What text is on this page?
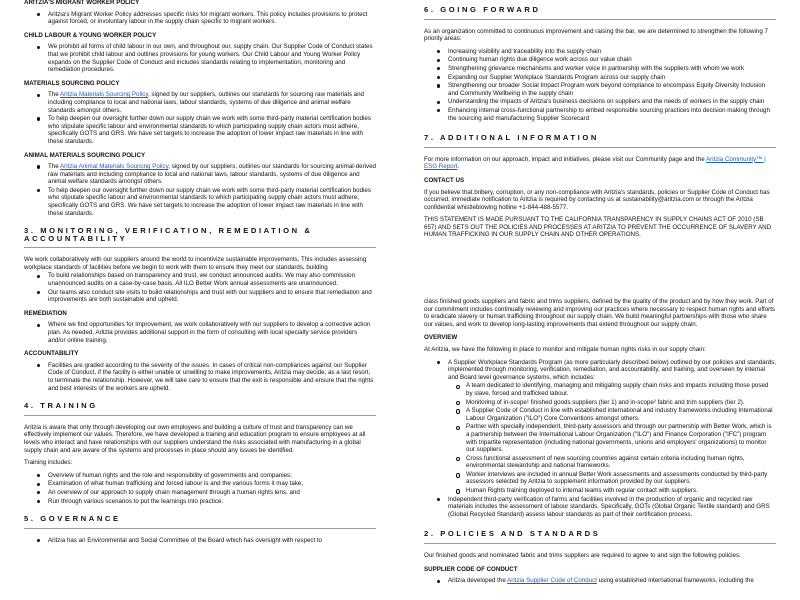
ARITZIA'S MIGRANT WORKER POLICY
Aritzia's Migrant Worker Policy addresses specific risks for migrant workers. This policy includes provisions to protect against forced, or involuntary labour in the supply chain specific to migrant workers.
CHILD LABOUR & YOUNG WORKER POLICY
We prohibit all forms of child labour in our own, and throughout our, supply chain. Our Supplier Code of Conduct states that we prohibit child labour and outlines provisions for young workers. Our Child Labour and Young Worker Policy expands on the Supplier Code of Conduct and includes standards relating to implementation, monitoring and remediation procedures.
MATERIALS SOURCING POLICY
The Aritzia Materials Sourcing Policy, signed by our suppliers, outlines our standards for sourcing raw materials and including compliance to local and national laws, labour standards, systems of due diligence and animal welfare standards amongst others.
To help deepen our oversight further down our supply chain we work with some third-party material certification bodies who stipulate specific labour and environmental standards to which participating supply chain actors must adhere, specifically GOTS and GRS. We have set targets to increase the adoption of lower impact raw materials in line with these standards.
ANIMAL MATERIALS SOURCING POLICY
The Aritzia Animal Materials Sourcing Policy, signed by our suppliers, outlines our standards for sourcing animal-derived raw materials and including compliance to local and national laws, labour standards, systems of due diligence and animal welfare standards amongst others.
To help deepen our oversight further down our supply chain we work with some third-party material certification bodies who stipulate specific labour and environmental standards to which participating supply chain actors must adhere, specifically GOTS and GRS. We have set targets to increase the adoption of lower impact raw materials in line with these standards.
3. MONITORING, VERIFICATION, REMEDIATION & ACCOUNTABILITY

We work collaboratively with our suppliers around the world to incentivize sustainable improvements. This includes assessing workplace standards of facilities before we begin to work with them to ensure they meet our standards, building

To build relationships based on transparency and trust, we conduct announced audits. We may also commission unannounced audits on a case-by-case basis. All ILO Better Work annual assessments are unannounced.
Our teams also conduct site visits to build relationships and trust with our suppliers and to ensure that remediation and improvements are both sustainable and upheld.
REMEDIATION
Where we find opportunities for improvement, we work collaboratively with our suppliers to develop a corrective action plan. As needed, Aritzia provides additional support in the form of consulting with local specialty service providers and/or online training.
ACCOUNTABILITY
Facilities are graded according to the severity of the issues. In cases of critical non-compliances against our Supplier Code of Conduct, if the facility is either unable or unwilling to make improvements, Aritzia may decide, as a last resort, to terminate the relationship. However, we will take care to ensure that the exit is responsible and ensure that the rights and best interests of the workers are upheld.
4. TRAINING

Aritzia is aware that only through developing our own employees and building a culture of trust and transparency can we effectively implement our values. Therefore, we have developed a training and education program to ensure employees at all levels who interact and have relationships with our suppliers understand the risks associated with manufacturing in a global supply chain and are aware of the systems and processes in place should any issues be identified.

Training includes:

Overview of human rights and the role and responsibility of governments and companies;
Examination of what human trafficking and forced labour is and the various forms it may take,
An overview of our approach to supply chain management through a human rights lens, and
Run through various scenarios to put the learnings into practice.
5. GOVERNANCE
Aritzia has an Environmental and Social Committee of the Board which has oversight with respect to
6. GOING FORWARD

As an organization committed to continuous improvement and raising the bar, we are determined to strengthen the following 7 priority areas:

Increasing visibility and traceability into the supply chain
Continuing human rights due diligence work across our value chain
Strengthening grievance mechanisms and worker voice in partnership with the suppliers with whom we work
Expanding our Supplier Workplace Standards Program across our supply chain
Strengthening our broader Social Impact Program work beyond compliance to encompass Equity Diversity Inclusion and Community Wellbeing in the supply chain
Understanding the impacts of Aritzia's business decisions on suppliers and the needs of workers in the supply chain
Enhancing internal cross-functional partnership to embed responsible sourcing practices into decision making through the sourcing and manufacturing Supplier Scorecard
7. ADDITIONAL INFORMATION

For more information on our approach, impact and initiatives, please visit our Community page and the Aritzia Community™ | ESG Report.

CONTACT US

If you believe that bribery, corruption, or any non-compliance with Aritzia's standards, policies or Supplier Code of Conduct has occurred, immediate notification to Aritzia is required by contacting us at sustainability@aritzia.com or through the Aritzia confidential whistleblowing hotline +1-844-488-5577.

THIS STATEMENT IS MADE PURSUANT TO THE CALIFORNIA TRANSPARENCY IN SUPPLY CHAINS ACT OF 2010 (SB 657) AND SETS OUT THE POLICIES AND PROCESSES AT ARITZIA TO PREVENT THE OCCURRENCE OF SLAVERY AND HUMAN TRAFFICKING IN OUR SUPPLY CHAIN AND OTHER OPERATIONS.

class finished goods suppliers and fabric and trims suppliers, defined by the quality of the product and by how they work. Part of our commitment includes continually reviewing and improving our practices where necessary to respect human rights and efforts to eradicate slavery or human trafficking throughout our supply chain. We build meaningful partnerships with those who share our values, and work to develop long-lasting improvements that extend throughout our supply chain.

OVERVIEW

At Aritzia, we have the following in place to monitor and mitigate human rights risks in our supply chain:

A Supplier Workplace Standards Program (as more particularly described below) outlined by our policies and standards, implemented through monitoring, verification, remediation, and accountability, and training, and overseen by internal and Board level governance systems, which includes:
A team dedicated to identifying, managing and mitigating supply chain risks and impacts including those posed by slave, forced and trafficked labour.
Monitoring of in-scope¹ finished goods suppliers (tier 1) and in-scope² fabric and trim suppliers (tier 2).
A Supplier Code of Conduct in line with established international and industry frameworks including International Labour Organization ("ILO") Core Conventions amongst others.
Partner with specially independent, third-party assessors and through our partnership with Better Work, which is a partnership between the International Labour Organization ("ILO") and Finance Corporation ("IFC") program with tripartite representation (including national governments, unions and employers' organizations) to monitor our suppliers.
Cross functional assessment of new sourcing countries against certain criteria including human rights, environmental stewardship and national frameworks.
Worker interviews are included in annual Better Work assessments and assessments conducted by third-party assessors selected by Aritzia to supplement information provided by our suppliers.
Human Rights training deployed to internal teams with regular contact with suppliers.
Independent third-party verification of farms and facilities involved in the production of organic and recycled raw materials includes the assessment of labour standards. Specifically, GOTs (Global Organic Textile standard) and GRS (Global Recycled Standard) assess labour standards as part of their certification process.
2. POLICIES AND STANDARDS

Our finished goods and nominated fabric and trims suppliers are required to agree to and sign the following policies:

SUPPLIER CODE OF CONDUCT
Aritzia developed the Aritzia Supplier Code of Conduct using established international frameworks, including the
